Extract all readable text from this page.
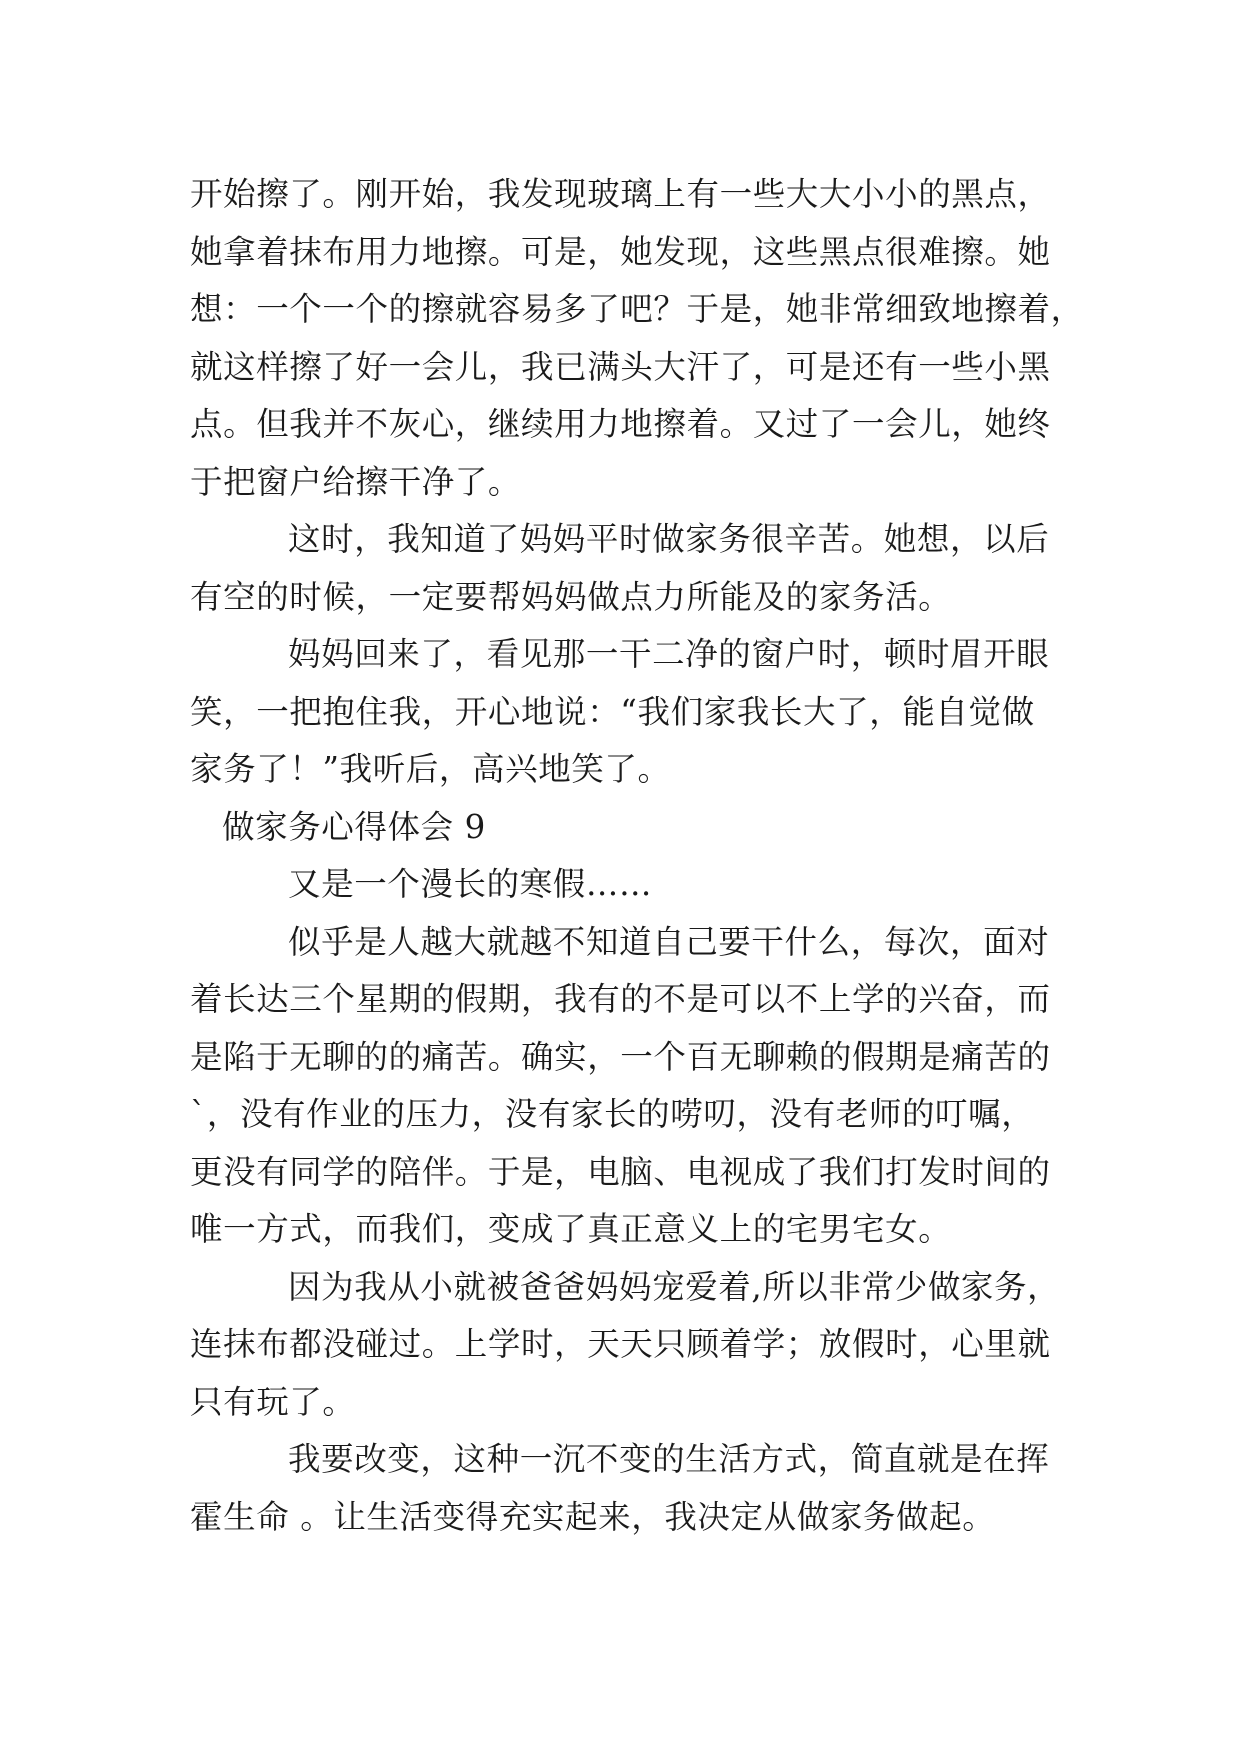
开始擦了。刚开始，我发现玻璃上有一些大大小小的黑点，
她拿着抹布用力地擦。可是，她发现，这些黑点很难擦。她
想：一个一个的擦就容易多了吧？于是，她非常细致地擦着，
就这样擦了好一会儿，我已满头大汗了，可是还有一些小黑
点。但我并不灰心，继续用力地擦着。又过了一会儿，她终
于把窗户给擦干净了。
这时，我知道了妈妈平时做家务很辛苦。她想，以后
有空的时候，一定要帮妈妈做点力所能及的家务活。
妈妈回来了，看见那一干二净的窗户时，顿时眉开眼
笑，一把抱住我，开心地说：“我们家我长大了，能自觉做
家务了！”我听后，高兴地笑了。
做家务心得体会 9
又是一个漫长的寒假……
似乎是人越大就越不知道自己要干什么，每次，面对
着长达三个星期的假期，我有的不是可以不上学的兴奋，而
是陷于无聊的的痛苦。确实，一个百无聊赖的假期是痛苦的
`，没有作业的压力，没有家长的唠叨，没有老师的叮嘱，
更没有同学的陪伴。于是，电脑、电视成了我们打发时间的
唯一方式，而我们，变成了真正意义上的宅男宅女。
因为我从小就被爸爸妈妈宠爱着,所以非常少做家务，
连抹布都没碰过。上学时，天天只顾着学；放假时，心里就
只有玩了。
我要改变，这种一沉不变的生活方式，简直就是在挥
霍生命 。让生活变得充实起来，我决定从做家务做起。
